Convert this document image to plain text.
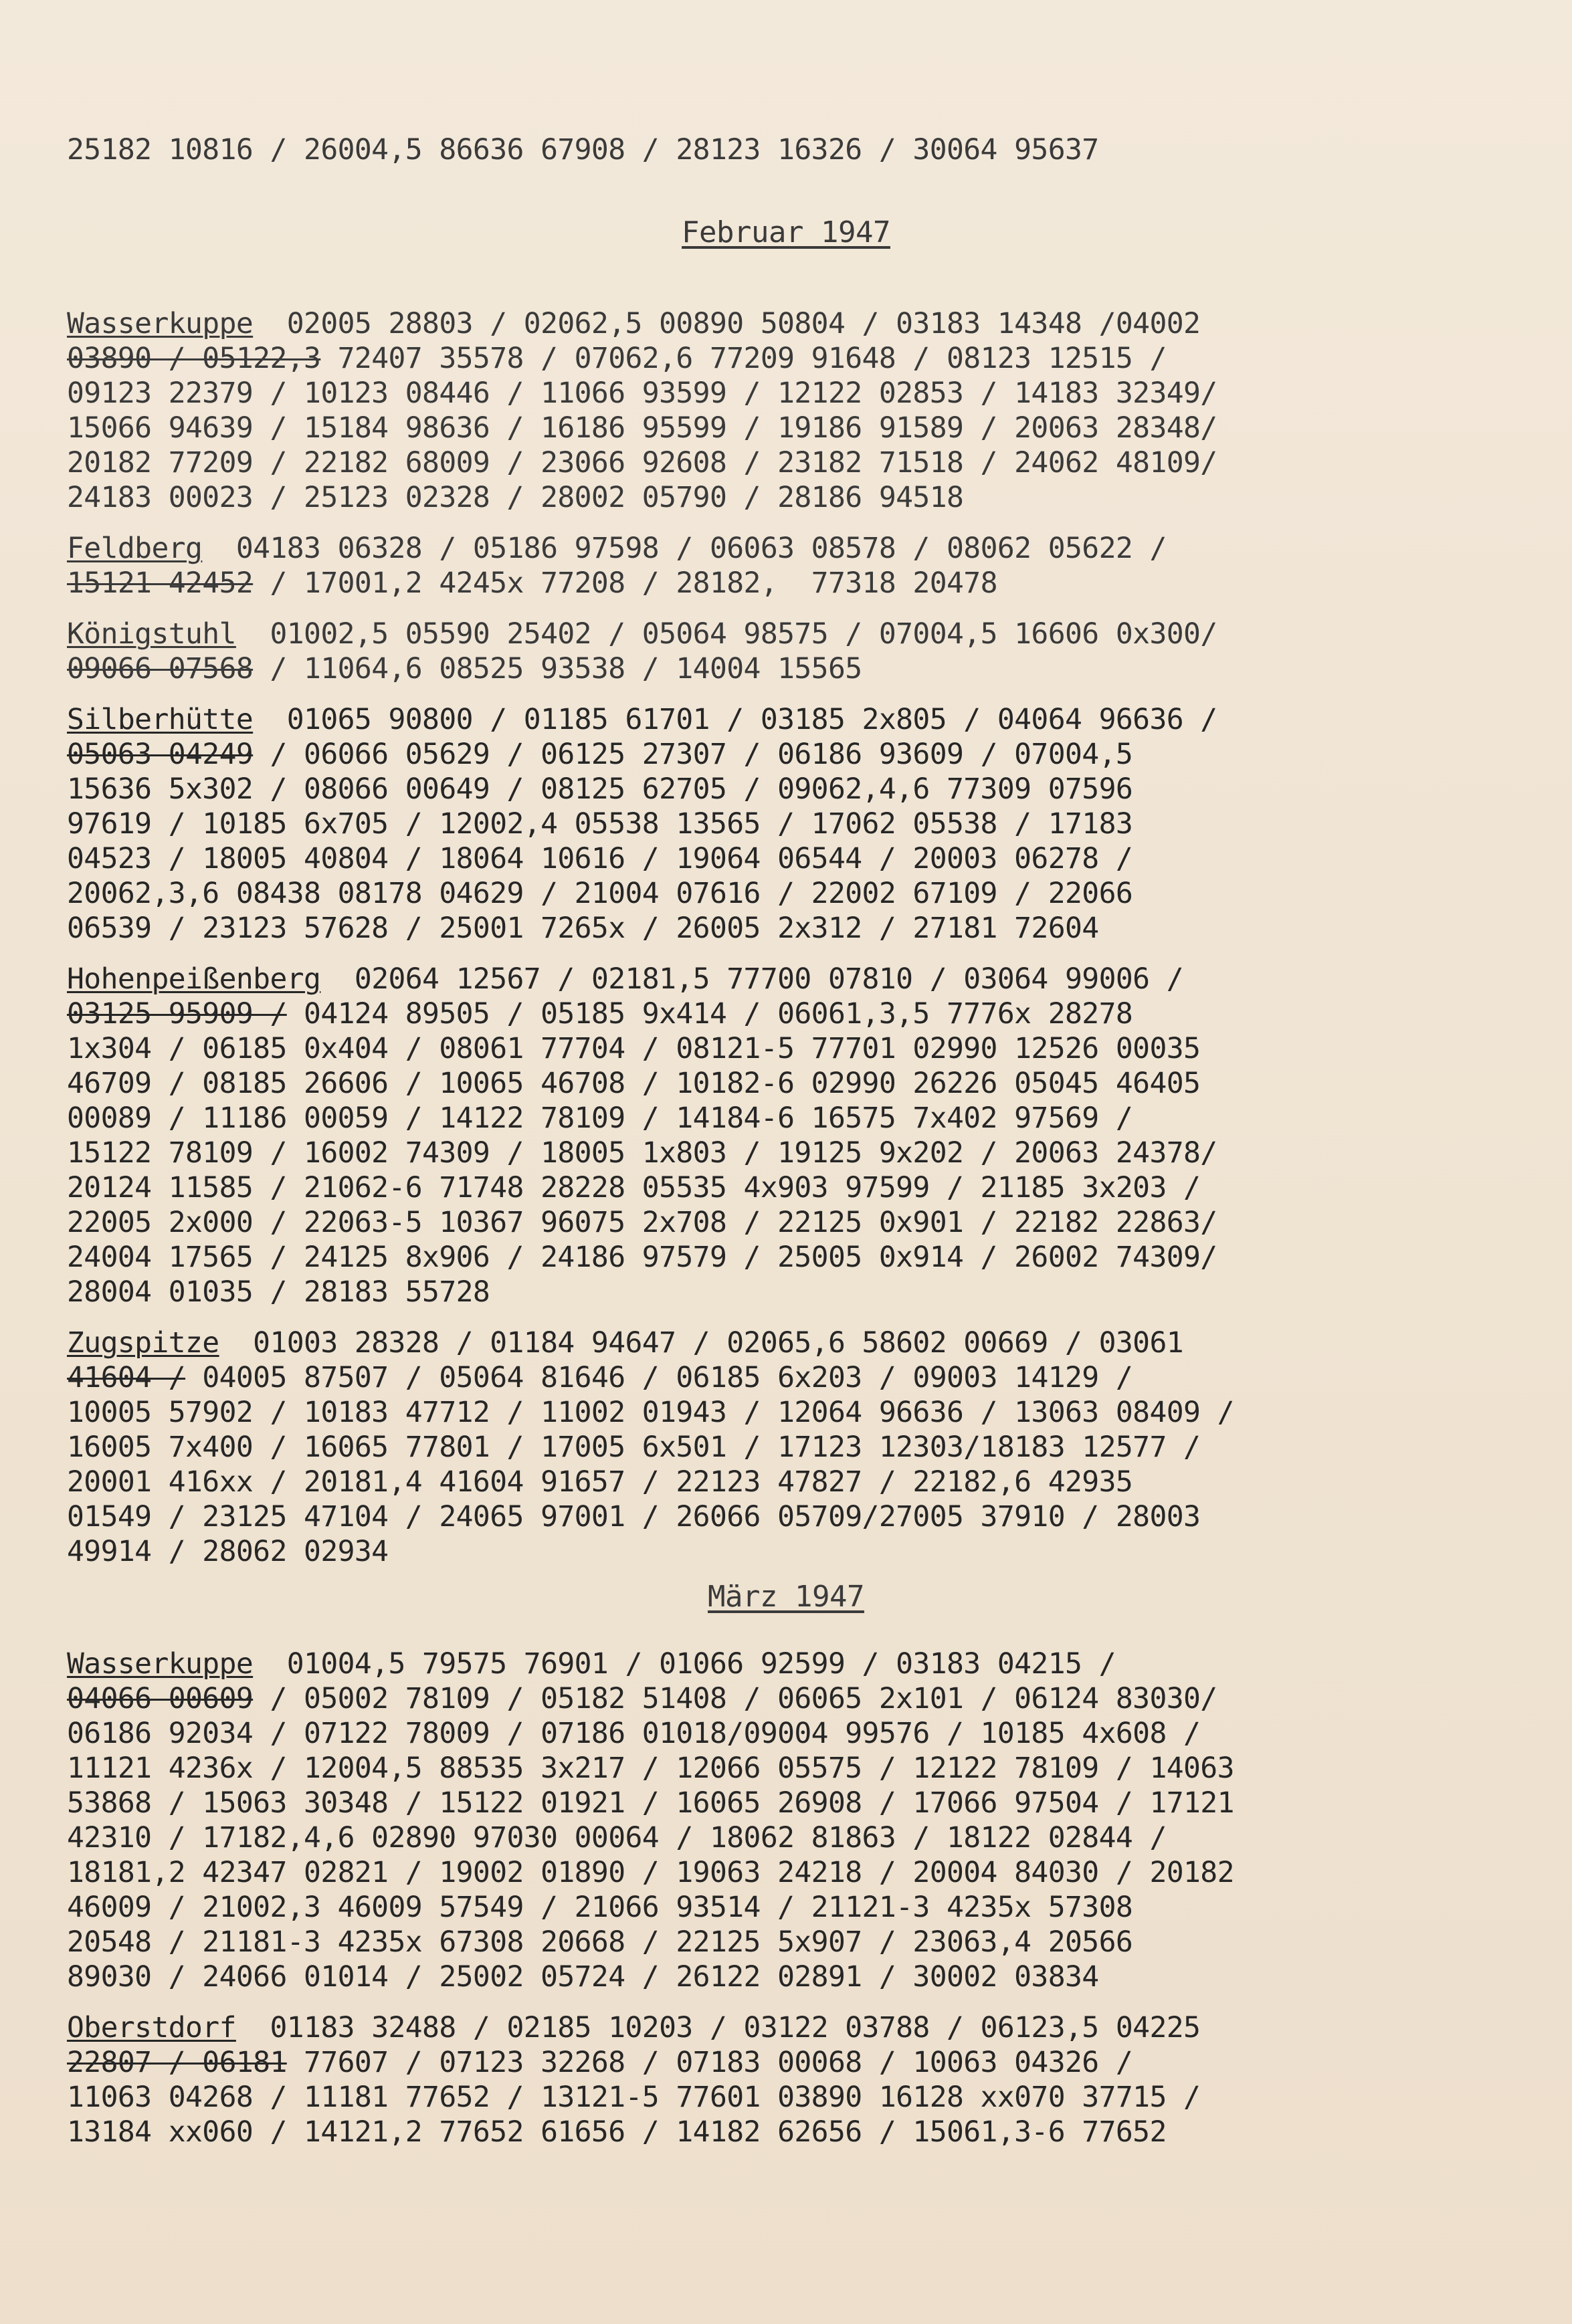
25182 10816 / 26004,5 86636 67908 / 28123 16326 / 30064 95637
Februar 1947
Wasserkuppe  02005 28803 / 02062,5 00890 50804 / 03183 14348 /04002
03890 / 05122,3 72407 35578 / 07062,6 77209 91648 / 08123 12515 /
09123 22379 / 10123 08446 / 11066 93599 / 12122 02853 / 14183 32349/
15066 94639 / 15184 98636 / 16186 95599 / 19186 91589 / 20063 28348/
20182 77209 / 22182 68009 / 23066 92608 / 23182 71518 / 24062 48109/
24183 00023 / 25123 02328 / 28002 05790 / 28186 94518
Feldberg  04183 06328 / 05186 97598 / 06063 08578 / 08062 05622 /
15121 42452 / 17001,2 4245x 77208 / 28182,  77318 20478
Königstuhl  01002,5 05590 25402 / 05064 98575 / 07004,5 16606 0x300/
09066 07568 / 11064,6 08525 93538 / 14004 15565
Silberhütte  01065 90800 / 01185 61701 / 03185 2x805 / 04064 96636 /
05063 04249 / 06066 05629 / 06125 27307 / 06186 93609 / 07004,5
15636 5x302 / 08066 00649 / 08125 62705 / 09062,4,6 77309 07596
97619 / 10185 6x705 / 12002,4 05538 13565 / 17062 05538 / 17183
04523 / 18005 40804 / 18064 10616 / 19064 06544 / 20003 06278 /
20062,3,6 08438 08178 04629 / 21004 07616 / 22002 67109 / 22066
06539 / 23123 57628 / 25001 7265x / 26005 2x312 / 27181 72604
Hohenpeißenberg  02064 12567 / 02181,5 77700 07810 / 03064 99006 /
03125 95909 / 04124 89505 / 05185 9x414 / 06061,3,5 7776x 28278
1x304 / 06185 0x404 / 08061 77704 / 08121-5 77701 02990 12526 00035
46709 / 08185 26606 / 10065 46708 / 10182-6 02990 26226 05045 46405
00089 / 11186 00059 / 14122 78109 / 14184-6 16575 7x402 97569 /
15122 78109 / 16002 74309 / 18005 1x803 / 19125 9x202 / 20063 24378/
20124 11585 / 21062-6 71748 28228 05535 4x903 97599 / 21185 3x203 /
22005 2x000 / 22063-5 10367 96075 2x708 / 22125 0x901 / 22182 22863/
24004 17565 / 24125 8x906 / 24186 97579 / 25005 0x914 / 26002 74309/
28004 01035 / 28183 55728
Zugspitze  01003 28328 / 01184 94647 / 02065,6 58602 00669 / 03061
41604 / 04005 87507 / 05064 81646 / 06185 6x203 / 09003 14129 /
10005 57902 / 10183 47712 / 11002 01943 / 12064 96636 / 13063 08409 /
16005 7x400 / 16065 77801 / 17005 6x501 / 17123 12303/18183 12577 /
20001 416xx / 20181,4 41604 91657 / 22123 47827 / 22182,6 42935
01549 / 23125 47104 / 24065 97001 / 26066 05709/27005 37910 / 28003
49914 / 28062 02934
März 1947
Wasserkuppe  01004,5 79575 76901 / 01066 92599 / 03183 04215 /
04066 00609 / 05002 78109 / 05182 51408 / 06065 2x101 / 06124 83030/
06186 92034 / 07122 78009 / 07186 01018/09004 99576 / 10185 4x608 /
11121 4236x / 12004,5 88535 3x217 / 12066 05575 / 12122 78109 / 14063
53868 / 15063 30348 / 15122 01921 / 16065 26908 / 17066 97504 / 17121
42310 / 17182,4,6 02890 97030 00064 / 18062 81863 / 18122 02844 /
18181,2 42347 02821 / 19002 01890 / 19063 24218 / 20004 84030 / 20182
46009 / 21002,3 46009 57549 / 21066 93514 / 21121-3 4235x 57308
20548 / 21181-3 4235x 67308 20668 / 22125 5x907 / 23063,4 20566
89030 / 24066 01014 / 25002 05724 / 26122 02891 / 30002 03834
Oberstdorf  01183 32488 / 02185 10203 / 03122 03788 / 06123,5 04225
22807 / 06181 77607 / 07123 32268 / 07183 00068 / 10063 04326 /
11063 04268 / 11181 77652 / 13121-5 77601 03890 16128 xx070 37715 /
13184 xx060 / 14121,2 77652 61656 / 14182 62656 / 15061,3-6 77652
